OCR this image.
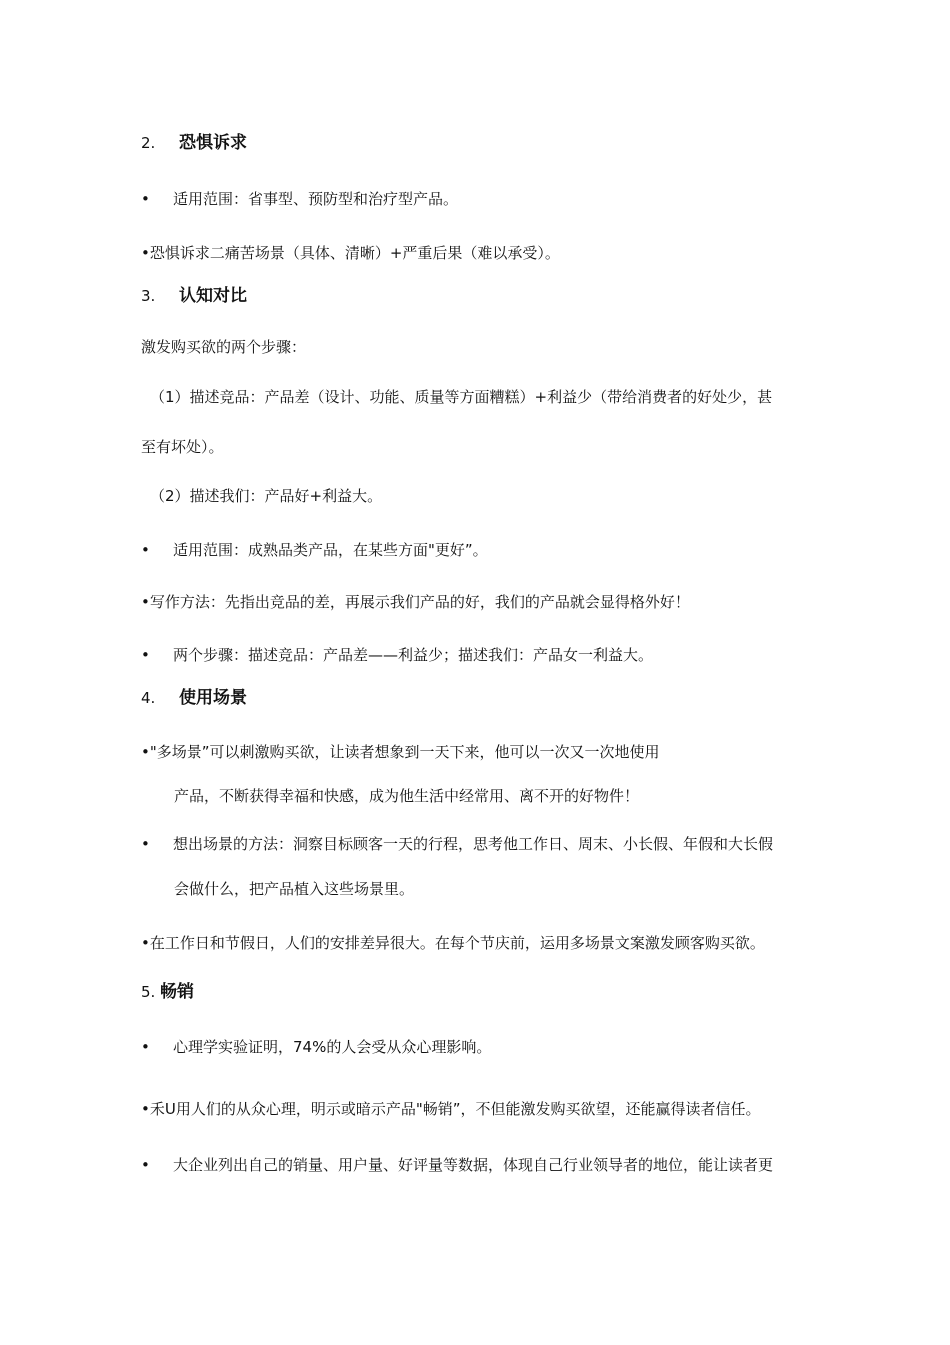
2. 恐惧诉求
• 适用范围：省事型、预防型和治疗型产品。
•恐惧诉求二痛苦场景（具体、清晰）+严重后果（难以承受）。
3. 认知对比
激发购买欲的两个步骤：
（1）描述竞品：产品差（设计、功能、质量等方面糟糕）+利益少（带给消费者的好处少，甚
至有坏处）。
（2）描述我们：产品好+利益大。
• 适用范围：成熟品类产品，在某些方面"更好”。
•写作方法：先指出竞品的差，再展示我们产品的好，我们的产品就会显得格外好！
• 两个步骤：描述竞品：产品差——利益少；描述我们：产品女一利益大。
4. 使用场景
•"多场景”可以刺激购买欲，让读者想象到一天下来，他可以一次又一次地使用
产品，不断获得幸福和快感，成为他生活中经常用、离不开的好物件！
• 想出场景的方法：洞察目标顾客一天的行程，思考他工作日、周末、小长假、年假和大长假
会做什么，把产品植入这些场景里。
•在工作日和节假日，人们的安排差异很大。在每个节庆前，运用多场景文案激发顾客购买欲。
5. 畅销
• 心理学实验证明，74%的人会受从众心理影响。
•禾U用人们的从众心理，明示或暗示产品"畅销”，不但能激发购买欲望，还能赢得读者信任。
• 大企业列出自己的销量、用户量、好评量等数据，体现自己行业领导者的地位，能让读者更
